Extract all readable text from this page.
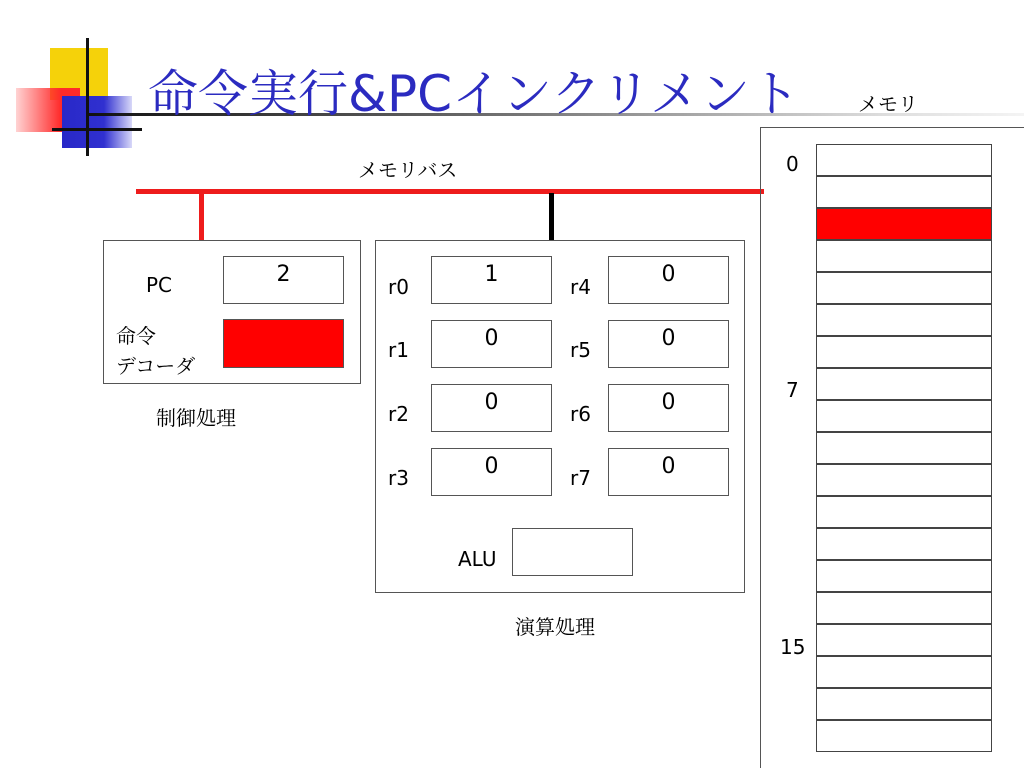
命令実行&PCインクリメント	メモリ
メモリバス
PC	2
命令
デコーダ
制御処理
r0	1
r1	0
r2	0
r3	0
r4	0
r5	0
r6	0
r7	0
ALU
演算処理
0
7
15
